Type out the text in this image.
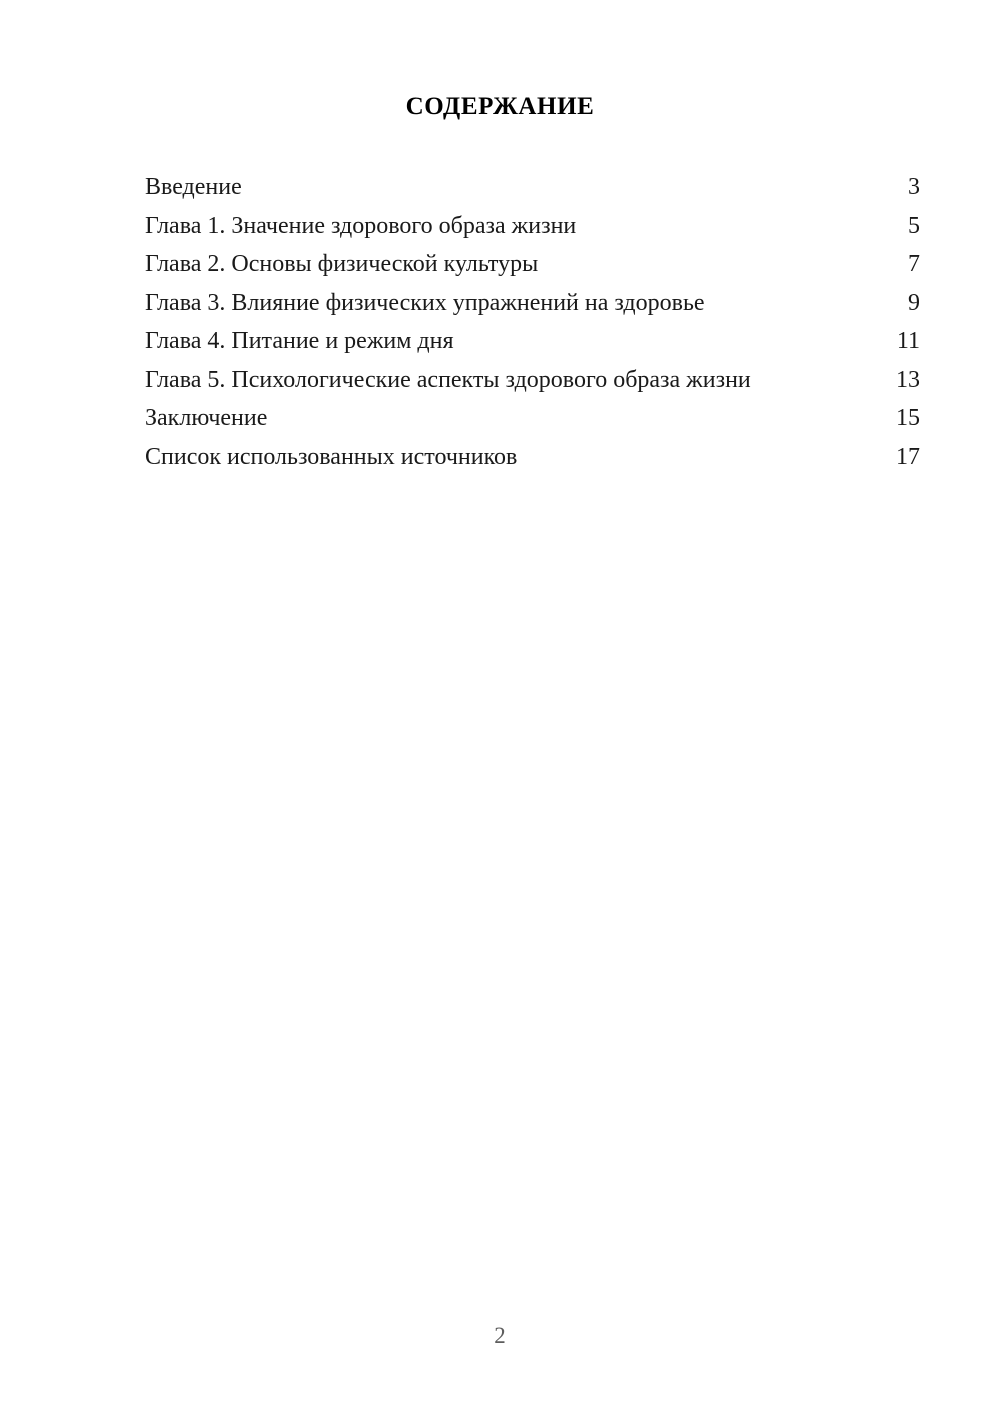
СОДЕРЖАНИЕ
Введение	3
Глава 1. Значение здорового образа жизни	5
Глава 2. Основы физической культуры	7
Глава 3. Влияние физических упражнений на здоровье	9
Глава 4. Питание и режим дня	11
Глава 5. Психологические аспекты здорового образа жизни	13
Заключение	15
Список использованных источников	17
2
